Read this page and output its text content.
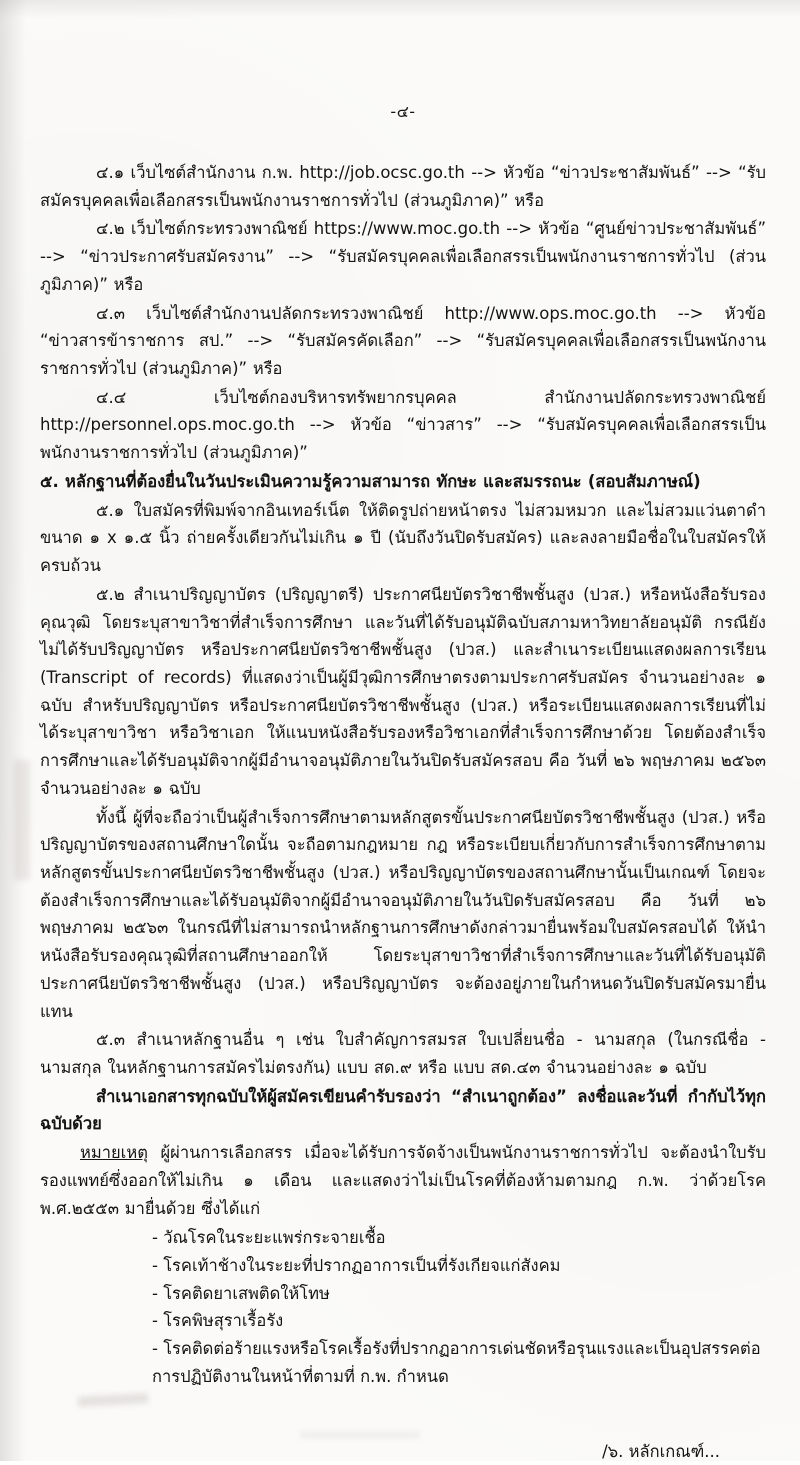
-๔-

๔.๑ เว็บไซต์สำนักงาน ก.พ. http://job.ocsc.go.th --> หัวข้อ “ข่าวประชาสัมพันธ์” --> “รับสมัครบุคคลเพื่อเลือกสรรเป็นพนักงานราชการทั่วไป (ส่วนภูมิภาค)” หรือ

๔.๒ เว็บไซต์กระทรวงพาณิชย์ https://www.moc.go.th --> หัวข้อ “ศูนย์ข่าวประชาสัมพันธ์” --> “ข่าวประกาศรับสมัครงาน” --> “รับสมัครบุคคลเพื่อเลือกสรรเป็นพนักงานราชการทั่วไป (ส่วนภูมิภาค)” หรือ

๔.๓ เว็บไซต์สำนักงานปลัดกระทรวงพาณิชย์ http://www.ops.moc.go.th --> หัวข้อ “ข่าวสารข้าราชการ สป.” --> “รับสมัครคัดเลือก” --> “รับสมัครบุคคลเพื่อเลือกสรรเป็นพนักงานราชการทั่วไป (ส่วนภูมิภาค)” หรือ

๔.๔ เว็บไซต์กองบริหารทรัพยากรบุคคล สำนักงานปลัดกระทรวงพาณิชย์ http://personnel.ops.moc.go.th --> หัวข้อ “ข่าวสาร” --> “รับสมัครบุคคลเพื่อเลือกสรรเป็นพนักงานราชการทั่วไป (ส่วนภูมิภาค)”

๕. หลักฐานที่ต้องยื่นในวันประเมินความรู้ความสามารถ ทักษะ และสมรรถนะ (สอบสัมภาษณ์)

๕.๑ ใบสมัครที่พิมพ์จากอินเทอร์เน็ต ให้ติดรูปถ่ายหน้าตรง ไม่สวมหมวก และไม่สวมแว่นตาดำ ขนาด ๑ x ๑.๕ นิ้ว ถ่ายครั้งเดียวกันไม่เกิน ๑ ปี (นับถึงวันปิดรับสมัคร) และลงลายมือชื่อในใบสมัครให้ครบถ้วน

๕.๒ สำเนาปริญญาบัตร (ปริญญาตรี) ประกาศนียบัตรวิชาชีพชั้นสูง (ปวส.) หรือหนังสือรับรองคุณวุฒิ โดยระบุสาขาวิชาที่สำเร็จการศึกษา และวันที่ได้รับอนุมัติฉบับสภามหาวิทยาลัยอนุมัติ กรณียังไม่ได้รับปริญญาบัตร หรือประกาศนียบัตรวิชาชีพชั้นสูง (ปวส.) และสำเนาระเบียนแสดงผลการเรียน (Transcript of records) ที่แสดงว่าเป็นผู้มีวุฒิการศึกษาตรงตามประกาศรับสมัคร จำนวนอย่างละ ๑ ฉบับ สำหรับปริญญาบัตร หรือประกาศนียบัตรวิชาชีพชั้นสูง (ปวส.) หรือระเบียนแสดงผลการเรียนที่ไม่ได้ระบุสาขาวิชา หรือวิชาเอก ให้แนบหนังสือรับรองหรือวิชาเอกที่สำเร็จการศึกษาด้วย โดยต้องสำเร็จการศึกษาและได้รับอนุมัติจากผู้มีอำนาจอนุมัติภายในวันปิดรับสมัครสอบ คือ วันที่ ๒๖ พฤษภาคม ๒๕๖๓ จำนวนอย่างละ ๑ ฉบับ

ทั้งนี้ ผู้ที่จะถือว่าเป็นผู้สำเร็จการศึกษาตามหลักสูตรขั้นประกาศนียบัตรวิชาชีพชั้นสูง (ปวส.) หรือปริญญาบัตรของสถานศึกษาใดนั้น จะถือตามกฎหมาย กฎ หรือระเบียบเกี่ยวกับการสำเร็จการศึกษาตามหลักสูตรขั้นประกาศนียบัตรวิชาชีพชั้นสูง (ปวส.) หรือปริญญาบัตรของสถานศึกษานั้นเป็นเกณฑ์ โดยจะต้องสำเร็จการศึกษาและได้รับอนุมัติจากผู้มีอำนาจอนุมัติภายในวันปิดรับสมัครสอบ คือ วันที่ ๒๖ พฤษภาคม ๒๕๖๓ ในกรณีที่ไม่สามารถนำหลักฐานการศึกษาดังกล่าวมายื่นพร้อมใบสมัครสอบได้ ให้นำหนังสือรับรองคุณวุฒิที่สถานศึกษาออกให้ โดยระบุสาขาวิชาที่สำเร็จการศึกษาและวันที่ได้รับอนุมัติประกาศนียบัตรวิชาชีพชั้นสูง (ปวส.) หรือปริญญาบัตร จะต้องอยู่ภายในกำหนดวันปิดรับสมัครมายื่นแทน

๕.๓ สำเนาหลักฐานอื่น ๆ เช่น ใบสำคัญการสมรส ใบเปลี่ยนชื่อ - นามสกุล (ในกรณีชื่อ - นามสกุล ในหลักฐานการสมัครไม่ตรงกัน) แบบ สด.๙ หรือ แบบ สด.๔๓ จำนวนอย่างละ ๑ ฉบับ

สำเนาเอกสารทุกฉบับให้ผู้สมัครเขียนคำรับรองว่า “สำเนาถูกต้อง” ลงชื่อและวันที่ กำกับไว้ทุกฉบับด้วย

หมายเหตุ ผู้ผ่านการเลือกสรร เมื่อจะได้รับการจัดจ้างเป็นพนักงานราชการทั่วไป จะต้องนำใบรับรองแพทย์ซึ่งออกให้ไม่เกิน ๑ เดือน และแสดงว่าไม่เป็นโรคที่ต้องห้ามตามกฎ ก.พ. ว่าด้วยโรค พ.ศ.๒๕๕๓ มายื่นด้วย ซึ่งได้แก่

- วัณโรคในระยะแพร่กระจายเชื้อ
- โรคเท้าช้างในระยะที่ปรากฏอาการเป็นที่รังเกียจแก่สังคม
- โรคติดยาเสพติดให้โทษ
- โรคพิษสุราเรื้อรัง
- โรคติดต่อร้ายแรงหรือโรคเรื้อรังที่ปรากฏอาการเด่นชัดหรือรุนแรงและเป็นอุปสรรคต่อการปฏิบัติงานในหน้าที่ตามที่ ก.พ. กำหนด
/๖. หลักเกณฑ์...
